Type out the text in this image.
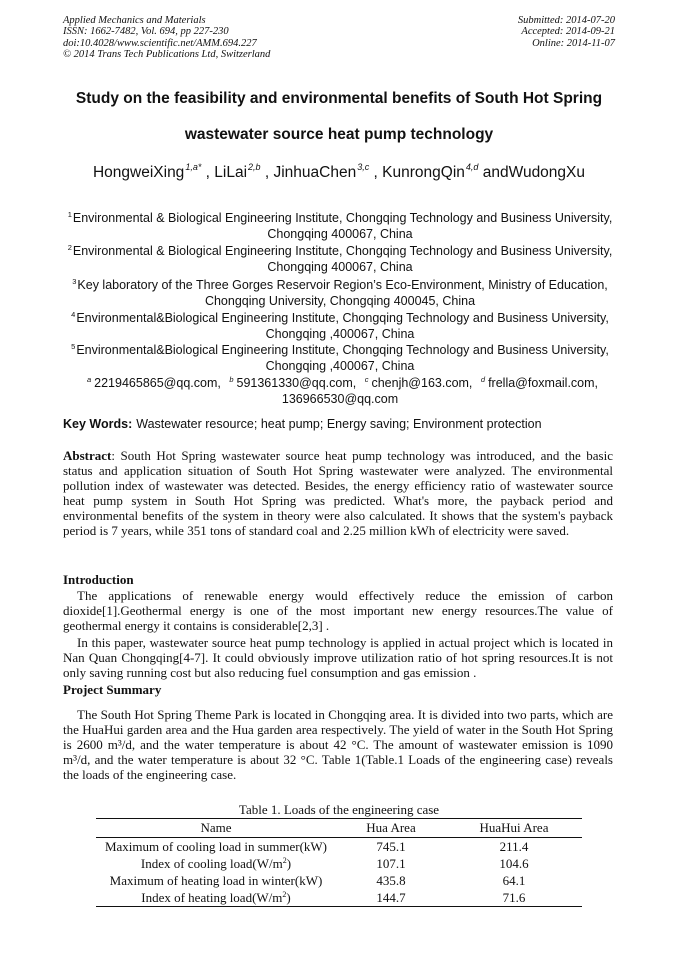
Applied Mechanics and Materials
ISSN: 1662-7482, Vol. 694, pp 227-230
doi:10.4028/www.scientific.net/AMM.694.227
© 2014 Trans Tech Publications Ltd, Switzerland
Submitted: 2014-07-20
Accepted: 2014-09-21
Online: 2014-11-07
Study on the feasibility and environmental benefits of South Hot Spring
wastewater source heat pump technology
HongweiXing$^{1,a*}$ , LiLai$^{2,b}$ , JinhuaChen$^{3,c}$ , KunrongQin$^{4,d}$ andWudongXu
$^1$Environmental & Biological Engineering Institute, Chongqing Technology and Business University,
Chongqing 400067, China
$^2$Environmental & Biological Engineering Institute, Chongqing Technology and Business University,
Chongqing 400067, China
$^3$Key laboratory of the Three Gorges Reservoir Region’s Eco-Environment, Ministry of Education,
Chongqing University, Chongqing 400045, China
$^4$Environmental&Biological Engineering Institute, Chongqing Technology and Business University,
Chongqing ,400067, China
$^5$Environmental&Biological Engineering Institute, Chongqing Technology and Business University,
Chongqing ,400067, China
$^a$ 2219465865@qq.com, $^b$ 591361330@qq.com, $^c$ chenjh@163.com, $^d$ frella@foxmail.com,
136966530@qq.com
Key Words: Wastewater resource; heat pump; Energy saving; Environment protection
Abstract: South Hot Spring wastewater source heat pump technology was introduced, and the basic status and application situation of South Hot Spring wastewater were analyzed. The environmental pollution index of wastewater was detected. Besides, the energy efficiency ratio of wastewater source heat pump system in South Hot Spring was predicted. What's more, the payback period and environmental benefits of the system in theory were also calculated. It shows that the system's payback period is 7 years, while 351 tons of standard coal and 2.25 million kWh of electricity were saved.
Introduction
The applications of renewable energy would effectively reduce the emission of carbon dioxide[1].Geothermal energy is one of the most important new energy resources.The value of geothermal energy it contains is considerable[2,3] .
In this paper, wastewater source heat pump technology is applied in actual project which is located in Nan Quan Chongqing[4-7]. It could obviously improve utilization ratio of hot spring resources.It is not only saving running cost but also reducing fuel consumption and gas emission .
Project Summary
The South Hot Spring Theme Park is located in Chongqing area. It is divided into two parts, which are the HuaHui garden area and the Hua garden area respectively. The yield of water in the South Hot Spring is 2600 m³/d, and the water temperature is about 42 °C. The amount of wastewater emission is 1090 m³/d, and the water temperature is about 32 °C. Table 1(Table.1 Loads of the engineering case) reveals the loads of the engineering case.
Table 1. Loads of the engineering case
Name	Hua Area	HuaHui Area
Maximum of cooling load in summer(kW)	745.1	211.4
Index of cooling $load(W/m^2)$	107.1	104.6
Maximum of heating load in winter(kW)	435.8	64.1
Index of heating $load(W/m^2)$	144.7	71.6
